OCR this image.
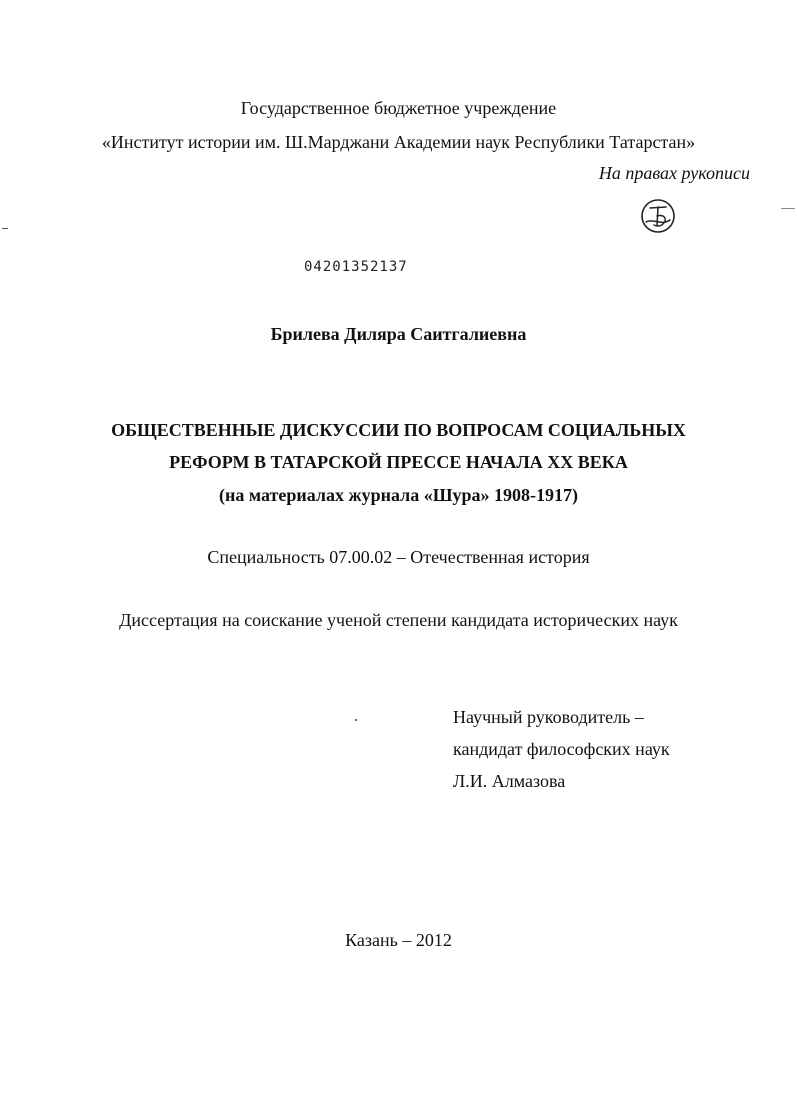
Государственное бюджетное учреждение
«Институт истории им. Ш.Марджани Академии наук Республики Татарстан»
На правах рукописи
04201352137
Брилева Диляра Саитгалиевна
ОБЩЕСТВЕННЫЕ ДИСКУССИИ ПО ВОПРОСАМ СОЦИАЛЬНЫХ
РЕФОРМ В ТАТАРСКОЙ ПРЕССЕ НАЧАЛА XX ВЕКА
(на материалах журнала «Шура» 1908-1917)
Специальность 07.00.02 – Отечественная история
Диссертация на соискание ученой степени кандидата исторических наук
Научный руководитель –
кандидат философских наук
Л.И. Алмазова
Казань – 2012
